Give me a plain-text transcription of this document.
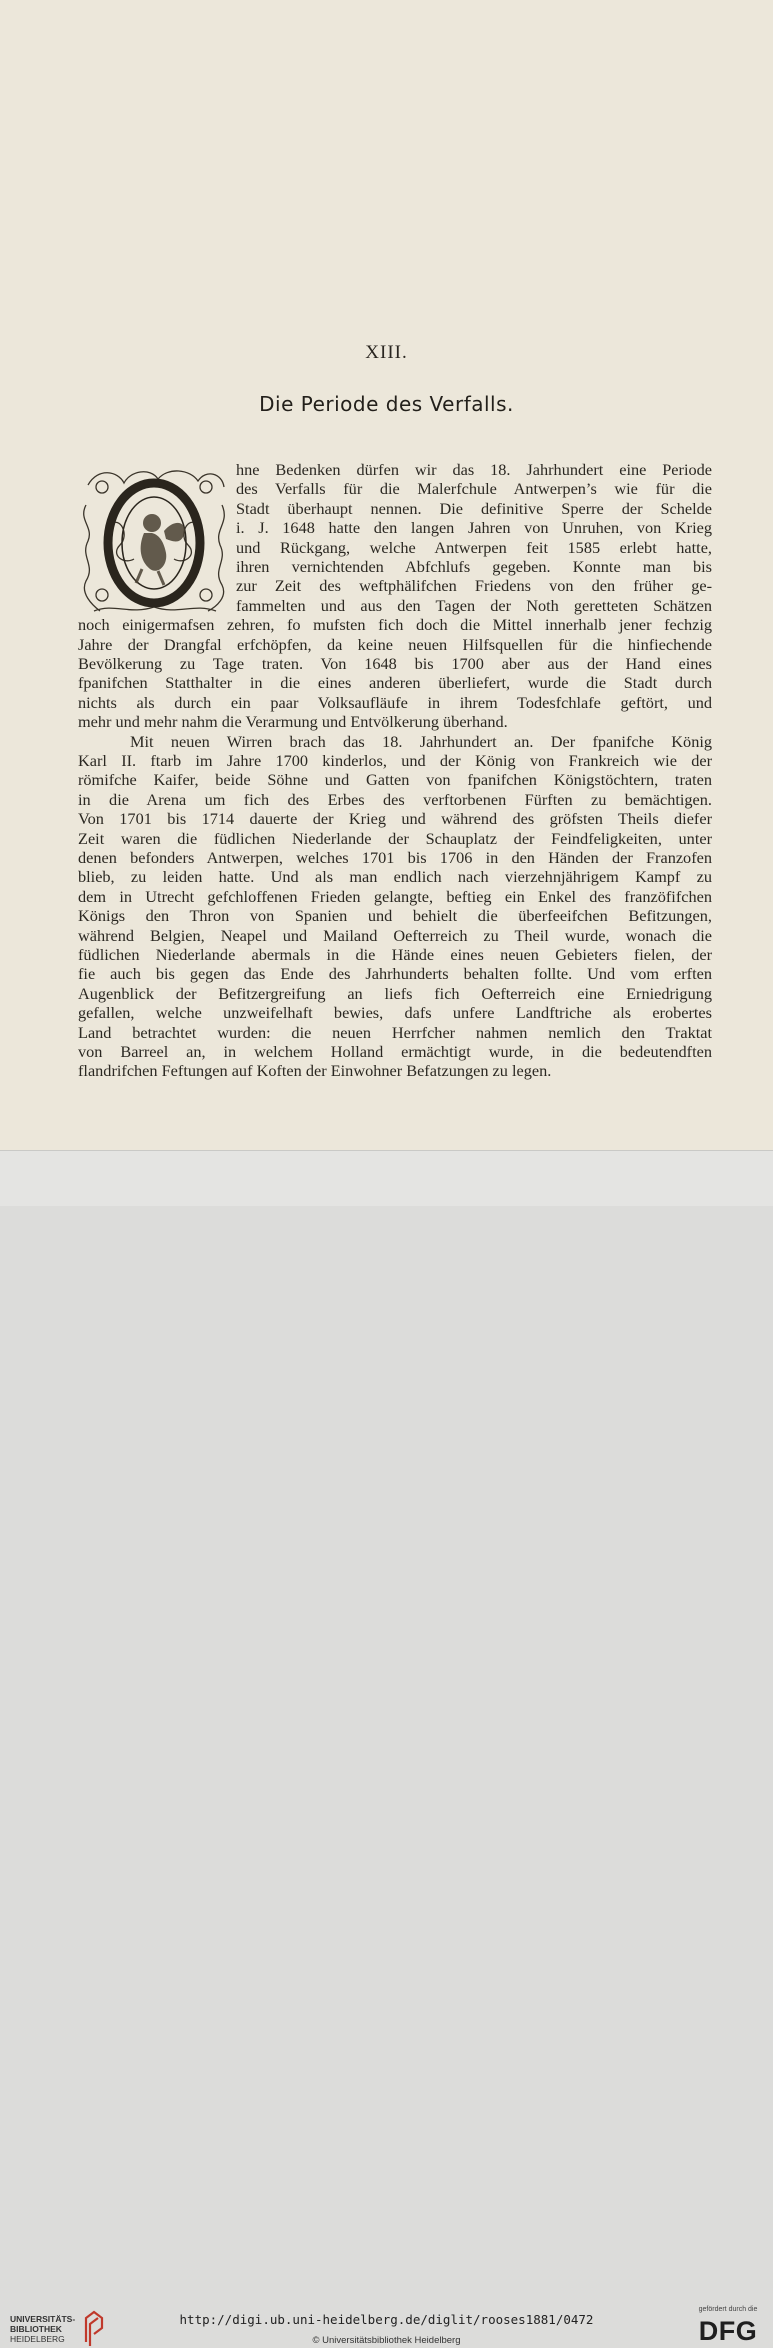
XIII.
Die Periode des Verfalls.
hne Bedenken dürfen wir das 18. Jahrhundert eine Periode
des Verfalls für die Malerfchule Antwerpen’s wie für die
Stadt überhaupt nennen. Die definitive Sperre der Schelde
i. J. 1648 hatte den langen Jahren von Unruhen, von Krieg
und Rückgang, welche Antwerpen feit 1585 erlebt hatte,
ihren vernichtenden Abfchlufs gegeben. Konnte man bis
zur Zeit des weftphälifchen Friedens von den früher ge-
fammelten und aus den Tagen der Noth geretteten Schätzen
noch einigermafsen zehren, fo mufsten fich doch die Mittel innerhalb jener fechzig
Jahre der Drangfal erfchöpfen, da keine neuen Hilfsquellen für die hinfiechende
Bevölkerung zu Tage traten. Von 1648 bis 1700 aber aus der Hand eines
fpanifchen Statthalter in die eines anderen überliefert, wurde die Stadt durch
nichts als durch ein paar Volksaufläufe in ihrem Todesfchlafe geftört, und
mehr und mehr nahm die Verarmung und Entvölkerung überhand.
Mit neuen Wirren brach das 18. Jahrhundert an. Der fpanifche König
Karl II. ftarb im Jahre 1700 kinderlos, und der König von Frankreich wie der
römifche Kaifer, beide Söhne und Gatten von fpanifchen Königstöchtern, traten
in die Arena um fich des Erbes des verftorbenen Fürften zu bemächtigen.
Von 1701 bis 1714 dauerte der Krieg und während des gröfsten Theils diefer
Zeit waren die füdlichen Niederlande der Schauplatz der Feindfeligkeiten, unter
denen befonders Antwerpen, welches 1701 bis 1706 in den Händen der Franzofen
blieb, zu leiden hatte. Und als man endlich nach vierzehnjährigem Kampf zu
dem in Utrecht gefchloffenen Frieden gelangte, beftieg ein Enkel des franzöfifchen
Königs den Thron von Spanien und behielt die überfeeifchen Befitzungen,
während Belgien, Neapel und Mailand Oefterreich zu Theil wurde, wonach die
füdlichen Niederlande abermals in die Hände eines neuen Gebieters fielen, der
fie auch bis gegen das Ende des Jahrhunderts behalten follte. Und vom erften
Augenblick der Befitzergreifung an liefs fich Oefterreich eine Erniedrigung
gefallen, welche unzweifelhaft bewies, dafs unfere Landftriche als erobertes
Land betrachtet wurden: die neuen Herrfcher nahmen nemlich den Traktat
von Barreel an, in welchem Holland ermächtigt wurde, in die bedeutendften
flandrifchen Feftungen auf Koften der Einwohner Befatzungen zu legen.
UNIVERSITÄTS-
BIBLIOTHEK
HEIDELBERG
http://digi.ub.uni-heidelberg.de/diglit/rooses1881/0472
© Universitätsbibliothek Heidelberg
gefördert durch die
DFG
